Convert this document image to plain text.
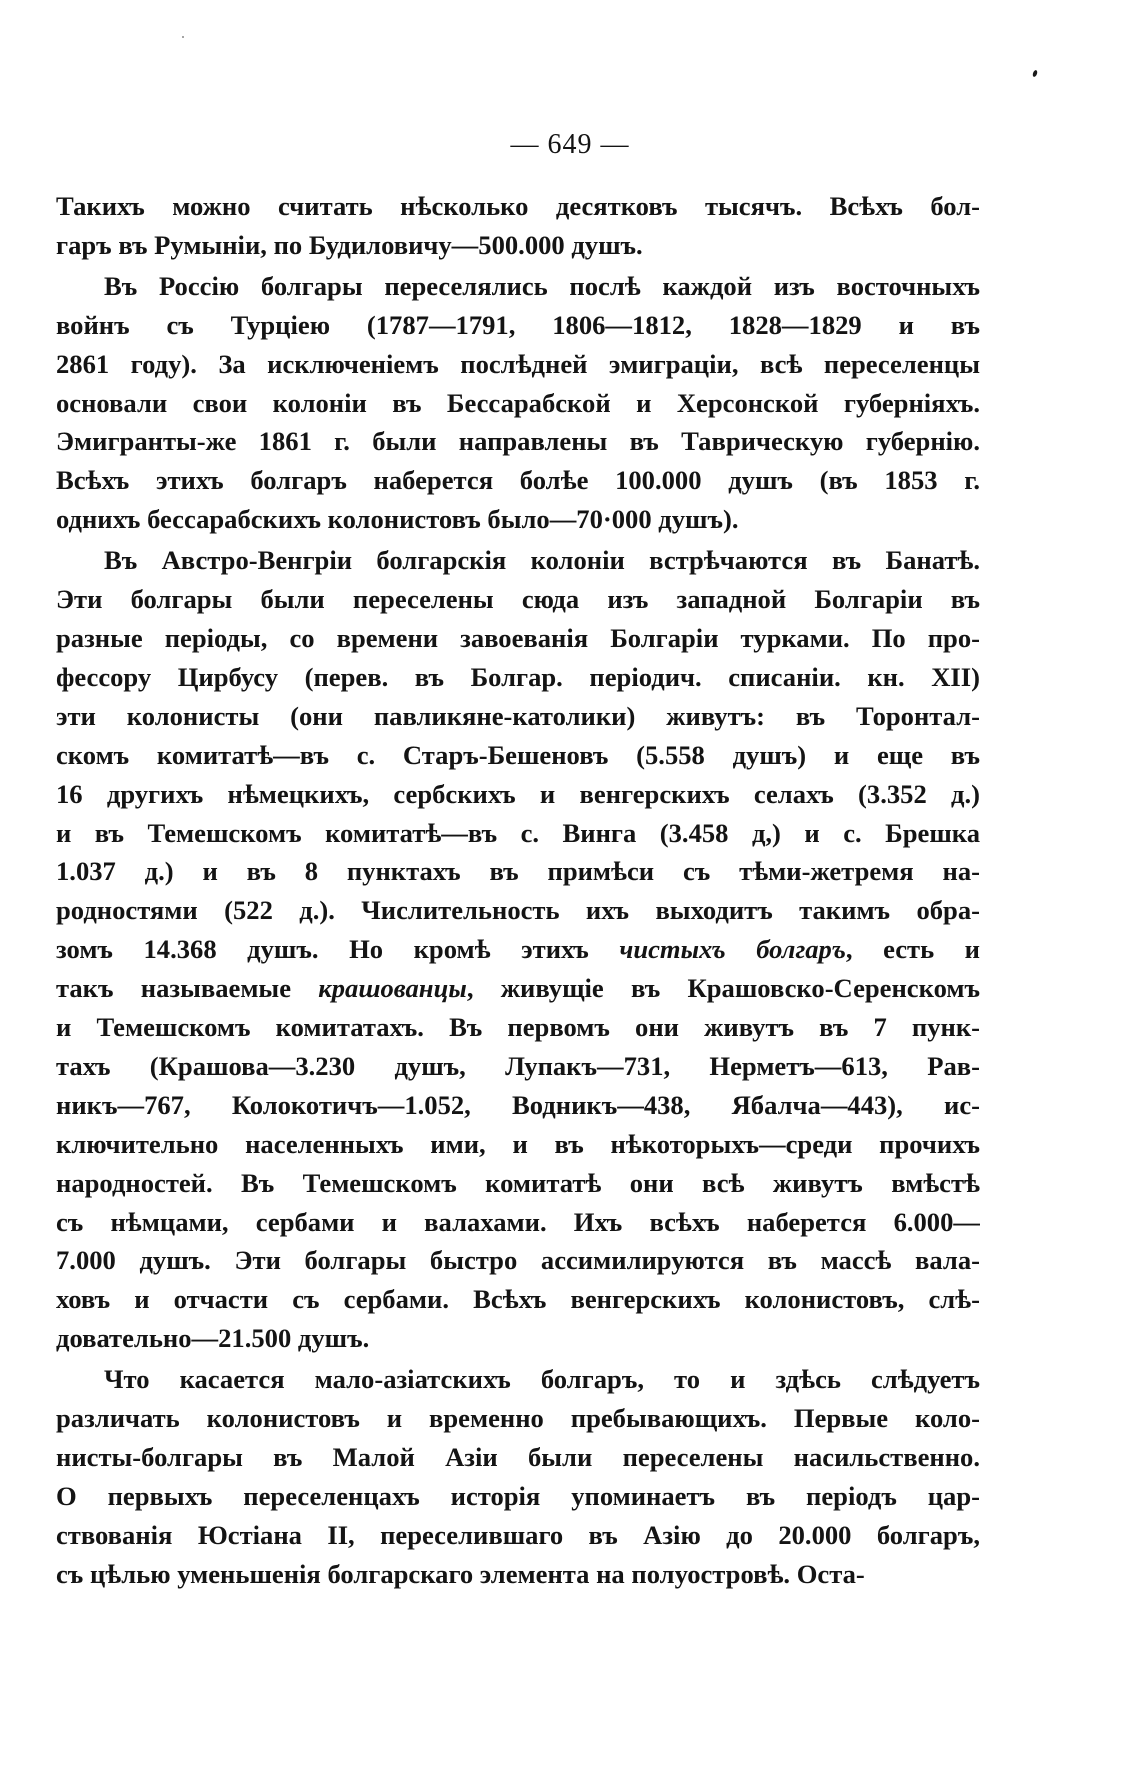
— 649 —
Такихъ можно считать нѣсколько десятковъ тысячъ. Всѣхъ бол-
гаръ въ Румыніи, по Будиловичу—500.000 душъ.
Въ Россію болгары переселялись послѣ каждой изъ восточныхъ
войнъ съ Турціею (1787—1791, 1806—1812, 1828—1829 и въ
2861 году). За исключеніемъ послѣдней эмиграціи, всѣ переселенцы
основали свои колоніи въ Бессарабской и Херсонской губерніяхъ.
Эмигранты-же 1861 г. были направлены въ Таврическую губернію.
Всѣхъ этихъ болгаръ наберется болѣе 100.000 душъ (въ 1853 г.
однихъ бессарабскихъ колонистовъ было—70·000 душъ).
Въ Австро-Венгріи болгарскія колоніи встрѣчаются въ Банатѣ.
Эти болгары были переселены сюда изъ западной Болгаріи въ
разные періоды, со времени завоеванія Болгаріи турками. По про-
фессору Цирбусу (перев. въ Болгар. періодич. списаніи. кн. XII)
эти колонисты (они павликяне-католики) живутъ: въ Торонтал-
скомъ комитатѣ—въ с. Старъ-Бешеновъ (5.558 душъ) и еще въ
16 другихъ нѣмецкихъ, сербскихъ и венгерскихъ селахъ (3.352 д.)
и въ Темешскомъ комитатѣ—въ с. Винга (3.458 д,) и с. Брешка
1.037 д.) и въ 8 пунктахъ въ примѣси съ тѣми-жетремя на-
родностями (522 д.). Числительность ихъ выходитъ такимъ обра-
зомъ 14.368 душъ. Но кромѣ этихъ чистыхъ болгаръ, есть и
такъ называемые крашованцы, живущіе въ Крашовско-Серенскомъ
и Темешскомъ комитатахъ. Въ первомъ они живутъ въ 7 пунк-
тахъ (Крашова—3.230 душъ, Лупакъ—731, Нерметъ—613, Рав-
никъ—767, Колокотичъ—1.052, Водникъ—438, Ябалча—443), ис-
ключительно населенныхъ ими, и въ нѣкоторыхъ—среди прочихъ
народностей. Въ Темешскомъ комитатѣ они всѣ живутъ вмѣстѣ
съ нѣмцами, сербами и валахами. Ихъ всѣхъ наберется 6.000—
7.000 душъ. Эти болгары быстро ассимилируются въ массѣ вала-
ховъ и отчасти съ сербами. Всѣхъ венгерскихъ колонистовъ, слѣ-
довательно—21.500 душъ.
Что касается мало-азіатскихъ болгаръ, то и здѣсь слѣдуетъ
различать колонистовъ и временно пребывающихъ. Первые коло-
нисты-болгары въ Малой Азіи были переселены насильственно.
О первыхъ переселенцахъ исторія упоминаетъ въ періодъ цар-
ствованія Юстіана II, переселившаго въ Азію до 20.000 болгаръ,
съ цѣлью уменьшенія болгарскаго элемента на полуостровѣ. Оста-
